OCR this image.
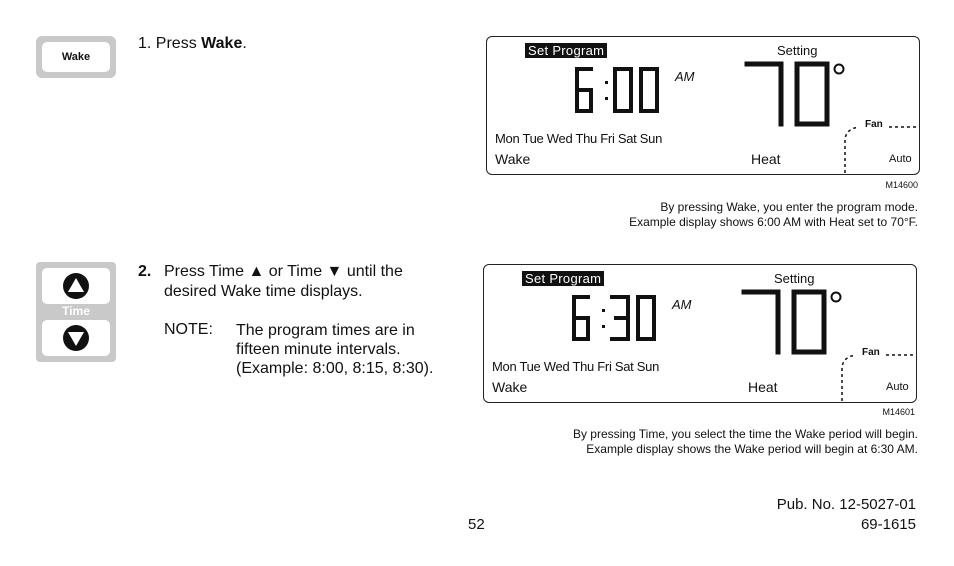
Wake
1. Press Wake.	Set Program	Setting
AM
Mon Tue Wed Thu Fri Sat Sun
Wake	Heat
Fan
Auto
M14600
By pressing Wake, you enter the program mode.
Example display shows 6:00 AM with Heat set to 70°F.
Time
2. Press Time ▲ or Time ▼ until the
desired Wake time displays.
NOTE: The program times are in
fifteen minute intervals.
(Example: 8:00, 8:15, 8:30).
Set Program	Setting
AM
Mon Tue Wed Thu Fri Sat Sun
Wake	Heat
Fan
Auto
M14601
By pressing Time, you select the time the Wake period will begin.
Example display shows the Wake period will begin at 6:30 AM.
52
Pub. No. 12-5027-01
69-1615
